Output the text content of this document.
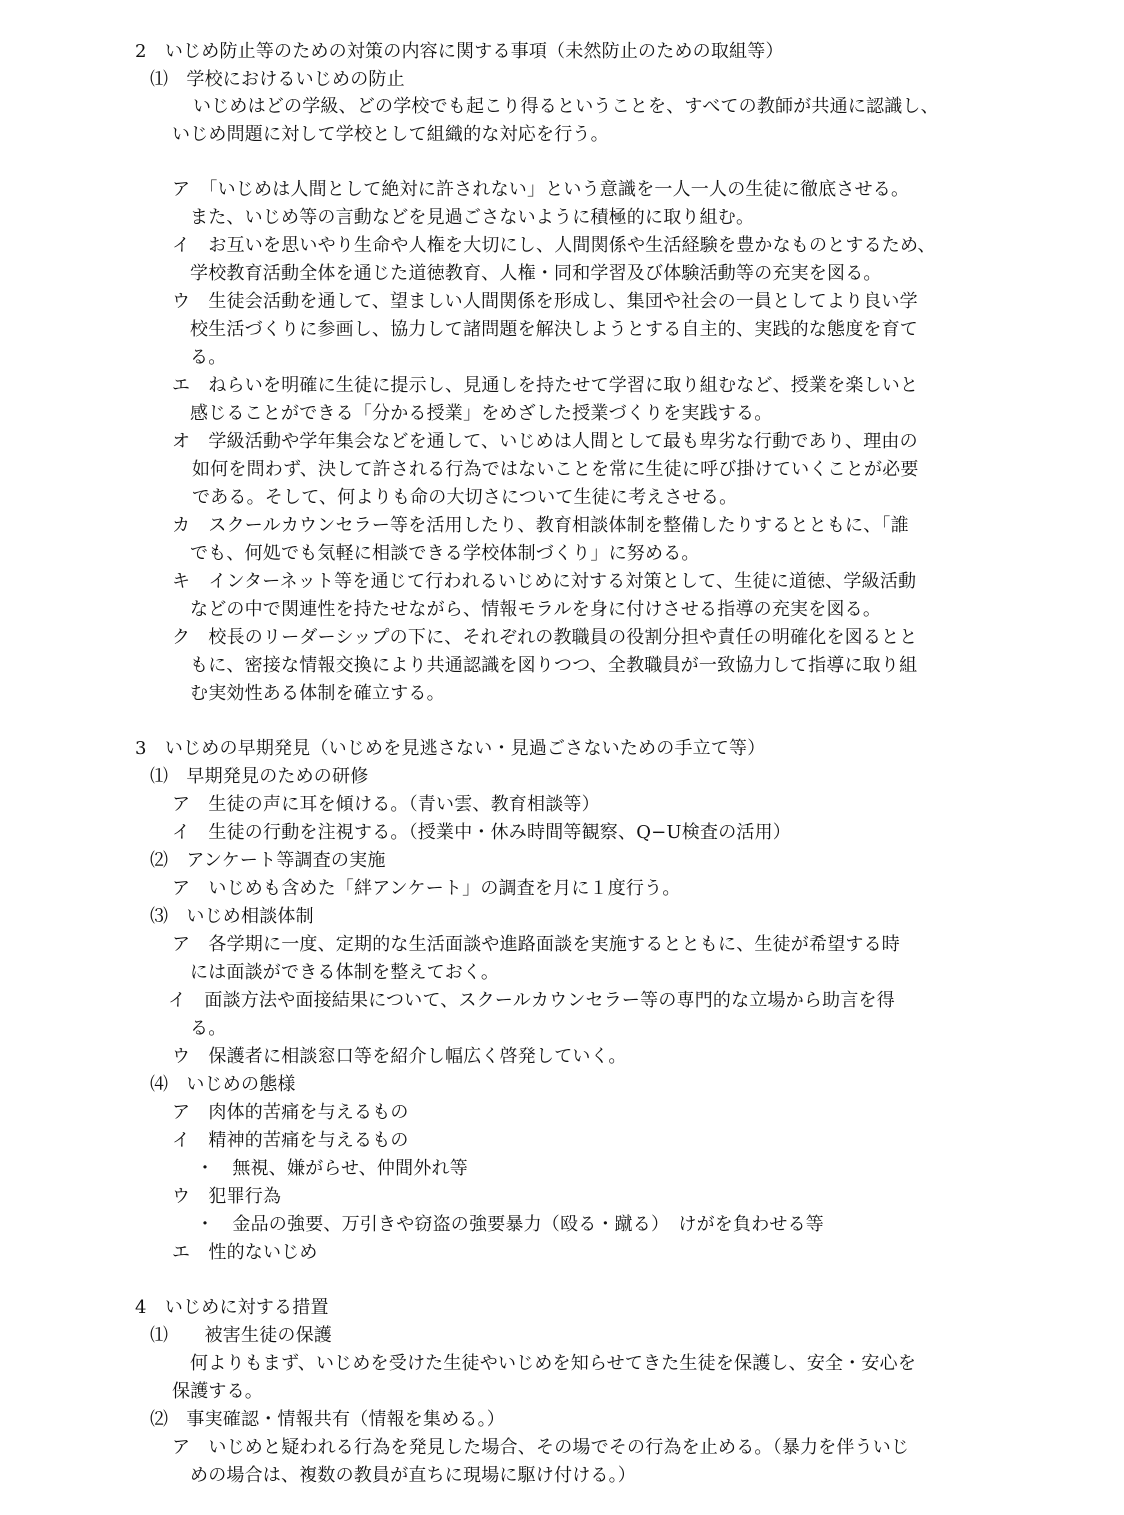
2　いじめ防止等のための対策の内容に関する事項（未然防止のための取組等）
⑴　学校におけるいじめの防止
いじめはどの学級、どの学校でも起こり得るということを、すべての教師が共通に認識し、
いじめ問題に対して学校として組織的な対応を行う。
ア　「いじめは人間として絶対に許されない」という意識を一人一人の生徒に徹底させる。
また、いじめ等の言動などを見過ごさないように積極的に取り組む。
イ　お互いを思いやり生命や人権を大切にし、人間関係や生活経験を豊かなものとするため、
学校教育活動全体を通じた道徳教育、人権・同和学習及び体験活動等の充実を図る。
ウ　生徒会活動を通して、望ましい人間関係を形成し、集団や社会の一員としてより良い学
校生活づくりに参画し、協力して諸問題を解決しようとする自主的、実践的な態度を育て
る。
エ　ねらいを明確に生徒に提示し、見通しを持たせて学習に取り組むなど、授業を楽しいと
感じることができる「分かる授業」をめざした授業づくりを実践する。
オ　学級活動や学年集会などを通して、いじめは人間として最も卑劣な行動であり、理由の
如何を問わず、決して許される行為ではないことを常に生徒に呼び掛けていくことが必要
である。そして、何よりも命の大切さについて生徒に考えさせる。
カ　スクールカウンセラー等を活用したり、教育相談体制を整備したりするとともに、「誰
でも、何処でも気軽に相談できる学校体制づくり」に努める。
キ　インターネット等を通じて行われるいじめに対する対策として、生徒に道徳、学級活動
などの中で関連性を持たせながら、情報モラルを身に付けさせる指導の充実を図る。
ク　校長のリーダーシップの下に、それぞれの教職員の役割分担や責任の明確化を図るとと
もに、密接な情報交換により共通認識を図りつつ、全教職員が一致協力して指導に取り組
む実効性ある体制を確立する。
3　いじめの早期発見（いじめを見逃さない・見過ごさないための手立て等）
⑴　早期発見のための研修
ア　生徒の声に耳を傾ける。（青い雲、教育相談等）
イ　生徒の行動を注視する。（授業中・休み時間等観察、Q−U検査の活用）
⑵　アンケート等調査の実施
ア　いじめも含めた「絆アンケート」の調査を月に１度行う。
⑶　いじめ相談体制
ア　各学期に一度、定期的な生活面談や進路面談を実施するとともに、生徒が希望する時
には面談ができる体制を整えておく。
イ　面談方法や面接結果について、スクールカウンセラー等の専門的な立場から助言を得
る。
ウ　保護者に相談窓口等を紹介し幅広く啓発していく。
⑷　いじめの態様
ア　肉体的苦痛を与えるもの
イ　精神的苦痛を与えるもの
・　無視、嫌がらせ、仲間外れ等
ウ　犯罪行為
・　金品の強要、万引きや窃盗の強要暴力（殴る・蹴る）　けがを負わせる等
エ　性的ないじめ
4　いじめに対する措置
⑴　　被害生徒の保護
何よりもまず、いじめを受けた生徒やいじめを知らせてきた生徒を保護し、安全・安心を
保護する。
⑵　事実確認・情報共有（情報を集める。）
ア　いじめと疑われる行為を発見した場合、その場でその行為を止める。（暴力を伴ういじ
めの場合は、複数の教員が直ちに現場に駆け付ける。）
